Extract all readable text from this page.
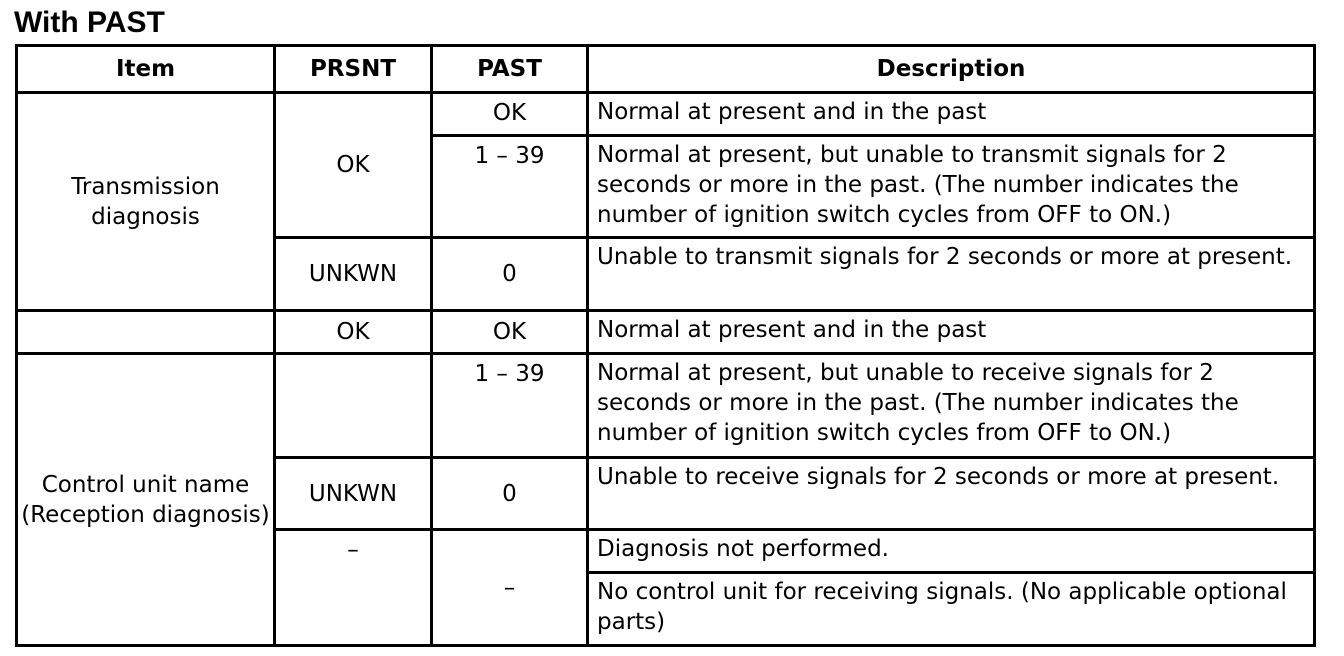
With PAST
Item	PRSNT	PAST	Description
Transmission diagnosis	OK	OK	Normal at present and in the past
		1 – 39	Normal at present, but unable to transmit signals for 2 seconds or more in the past. (The number indicates the number of ignition switch cycles from OFF to ON.)
	UNKWN	0	Unable to transmit signals for 2 seconds or more at present.
	OK	OK	Normal at present and in the past
Control unit name (Reception diagnosis)		1 – 39	Normal at present, but unable to receive signals for 2 seconds or more in the past. (The number indicates the number of ignition switch cycles from OFF to ON.)
	UNKWN	0	Unable to receive signals for 2 seconds or more at present.
	–	–	Diagnosis not performed.
			No control unit for receiving signals. (No applicable optional parts)
